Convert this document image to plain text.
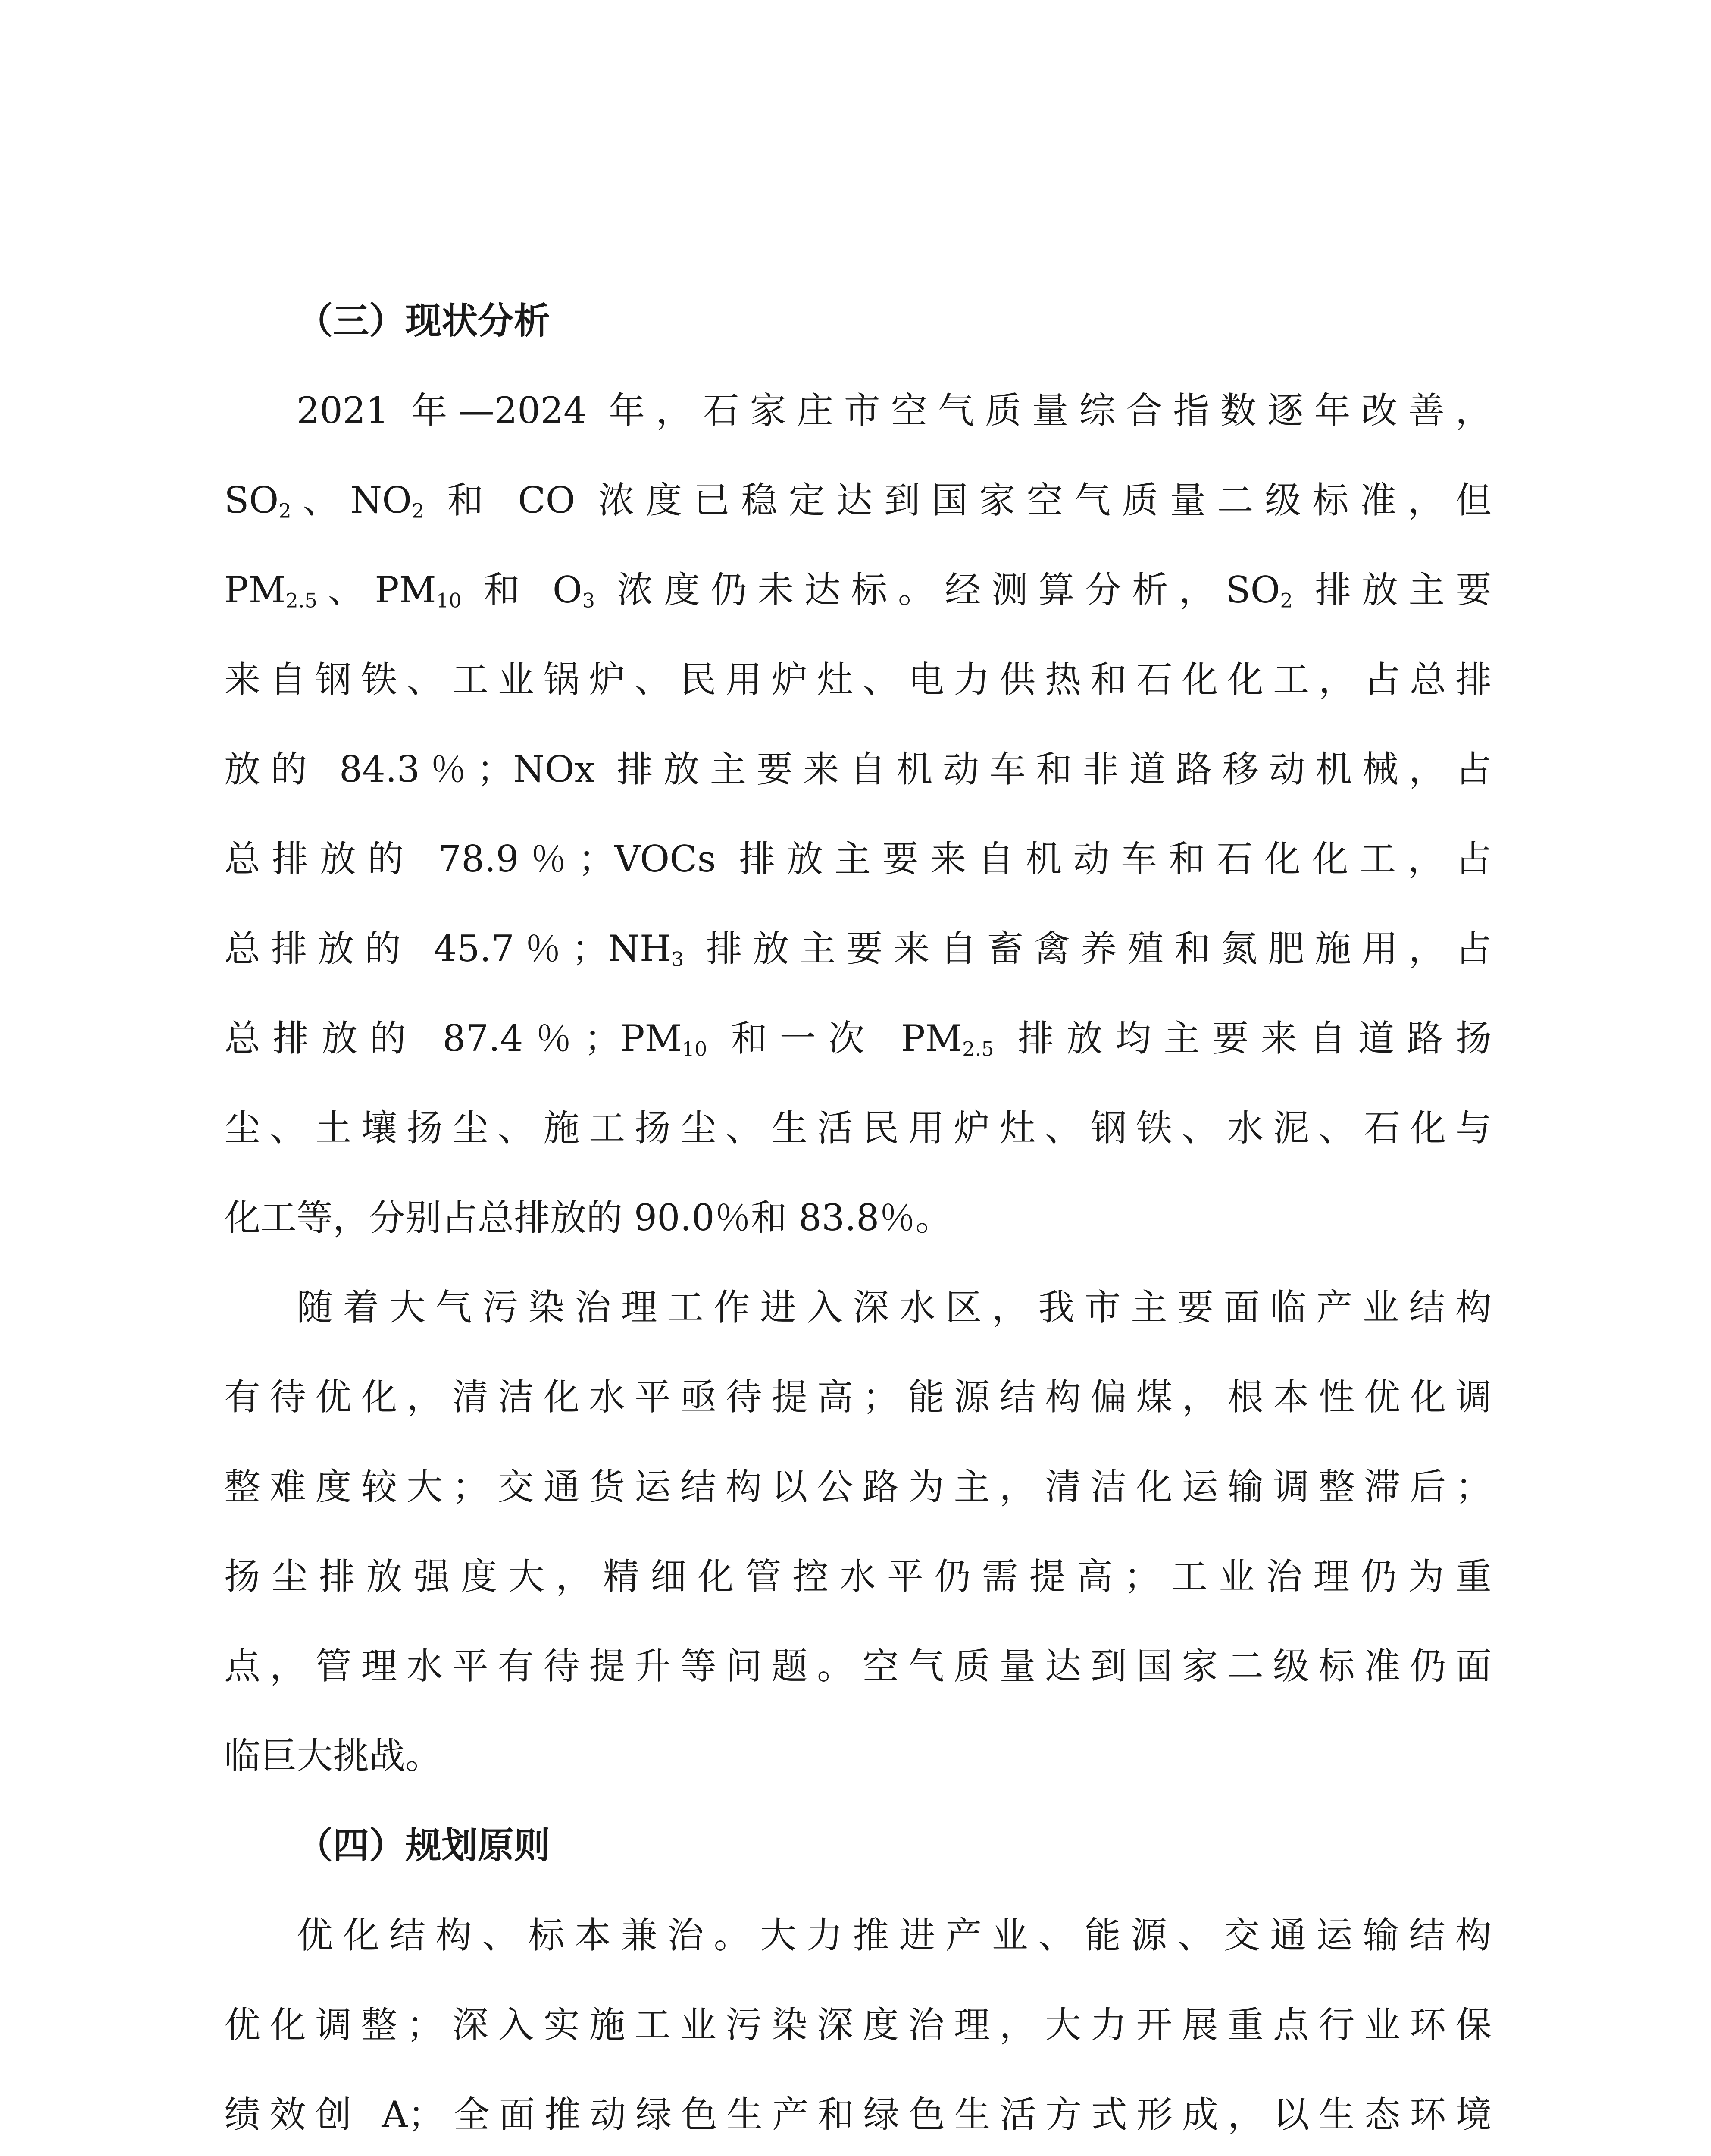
（三）现状分析
2021 年—2024 年，石家庄市空气质量综合指数逐年改善，
$SO_2$、$NO_2$ 和 CO 浓度已稳定达到国家空气质量二级标准，但
$PM_{2.5}$、$PM_{10}$ 和 $O_3$ 浓度仍未达标。经测算分析，$SO_2$ 排放主要
来自钢铁、工业锅炉、民用炉灶、电力供热和石化化工，占总排
放的 84.3％；NOx 排放主要来自机动车和非道路移动机械，占
总排放的 78.9％；VOCs 排放主要来自机动车和石化化工，占
总排放的 45.7％；$NH_3$ 排放主要来自畜禽养殖和氮肥施用，占
总排放的 87.4％；$PM_{10}$ 和一次 $PM_{2.5}$ 排放均主要来自道路扬
尘、土壤扬尘、施工扬尘、生活民用炉灶、钢铁、水泥、石化与
化工等，分别占总排放的 90.0％和 83.8％。
随着大气污染治理工作进入深水区，我市主要面临产业结构
有待优化，清洁化水平亟待提高；能源结构偏煤，根本性优化调
整难度较大；交通货运结构以公路为主，清洁化运输调整滞后；
扬尘排放强度大，精细化管控水平仍需提高；工业治理仍为重
点，管理水平有待提升等问题。空气质量达到国家二级标准仍面
临巨大挑战。
（四）规划原则
优化结构、标本兼治。大力推进产业、能源、交通运输结构
优化调整；深入实施工业污染深度治理，大力开展重点行业环保
绩效创 A；全面推动绿色生产和绿色生活方式形成，以生态环境
